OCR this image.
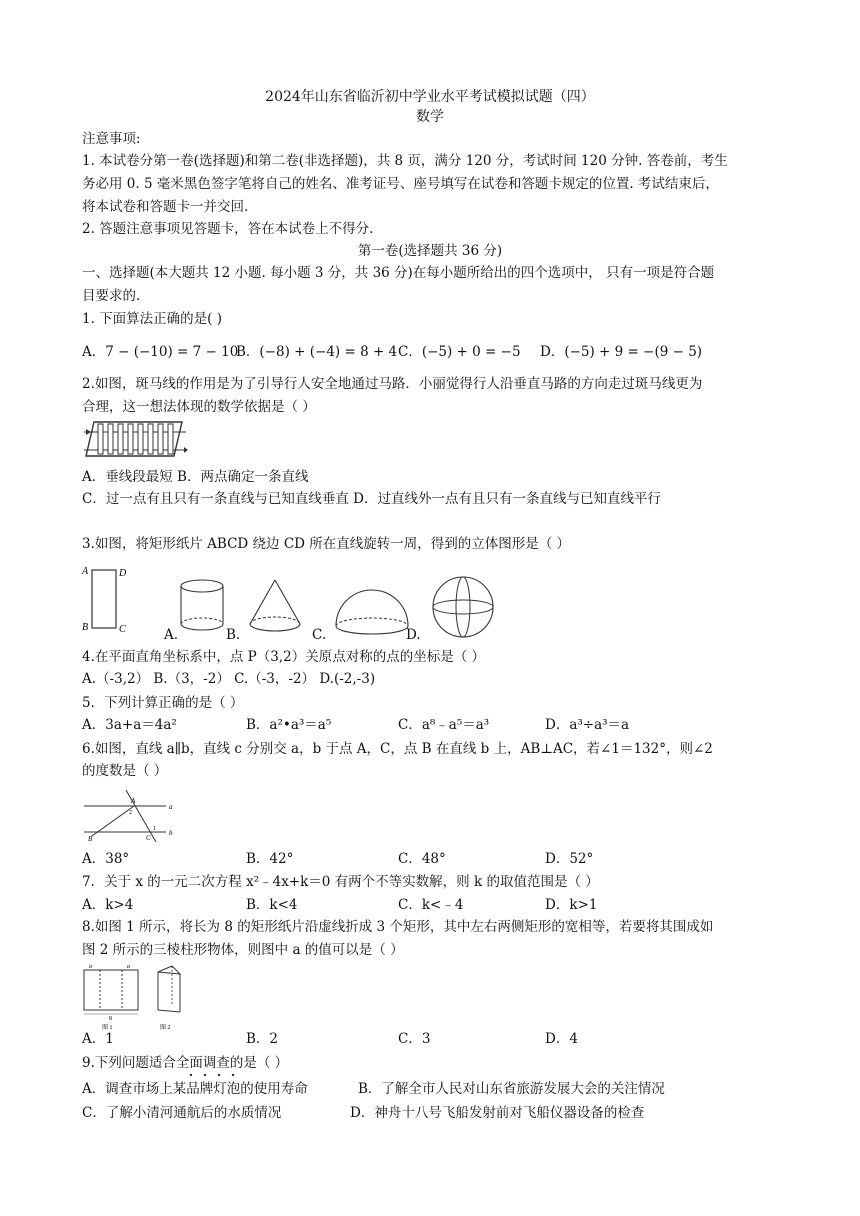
2024年山东省临沂初中学业水平考试模拟试题（四）
数学
注意事项:
1. 本试卷分第一卷(选择题)和第二卷(非选择题)，共 8 页，满分 120 分，考试时间 120 分钟. 答卷前，考生
务必用 0. 5 毫米黑色签字笔将自己的姓名、准考证号、座号填写在试卷和答题卡规定的位置. 考试结束后，
将本试卷和答题卡一并交回.
2. 答题注意事项见答题卡，答在本试卷上不得分.
第一卷(选择题共 36 分)
一、选择题(本大题共 12 小题. 每小题 3 分，共 36 分)在每小题所给出的四个选项中， 只有一项是符合题
目要求的.
1. 下面算法正确的是( )
A．7 − (−10) = 7 − 10
B．(−8) + (−4) = 8 + 4 C．(−5) + 0 = −5 D．(−5) + 9 = −(9 − 5)
2.如图，斑马线的作用是为了引导行人安全地通过马路．小丽觉得行人沿垂直马路的方向走过斑马线更为
合理，这一想法体现的数学依据是（ ）
A．垂线段最短 B．两点确定一条直线
C．过一点有且只有一条直线与已知直线垂直 D．过直线外一点有且只有一条直线与已知直线平行
3.如图，将矩形纸片 ABCD 绕边 CD 所在直线旋转一周，得到的立体图形是（ ）
A	D
B	C	A.	B.	C.	D.
4.在平面直角坐标系中，点 P（3,2）关原点对称的点的坐标是（ ）
A.（-3,2） B.（3，-2） C.（-3，-2） D.(-2,-3)
5．下列计算正确的是（ ）
A．3a+a＝4a²	B．a²•a³＝a⁵	C．a⁸﹣a⁵＝a³	D．a³÷a³＝a
6.如图，直线 a∥b，直线 c 分别交 a，b 于点 A，C，点 B 在直线 b 上，AB⊥AC，若∠1＝132°，则∠2
的度数是（ ）
a
b
A
B	C
1
2
A．38°	B．42°	C．48°	D．52°
7．关于 x 的一元二次方程 x²﹣4x+k＝0 有两个不等实数解，则 k 的取值范围是（ ）
A．k>4	B．k<4	C．k<﹣4	D．k>1
8.如图 1 所示，将长为 8 的矩形纸片沿虚线折成 3 个矩形，其中左右两侧矩形的宽相等，若要将其围成如
图 2 所示的三棱柱形物体，则图中 a 的值可以是（ ）
a	a
8
图 1	图 2
A．1	B．2	C．3	D．4
9.下列问题适合全面调查的是（ ）
A．调查市场上某品牌灯泡的使用寿命	B．了解全市人民对山东省旅游发展大会的关注情况
C．了解小清河通航后的水质情况	D．神舟十八号飞船发射前对飞船仪器设备的检查
